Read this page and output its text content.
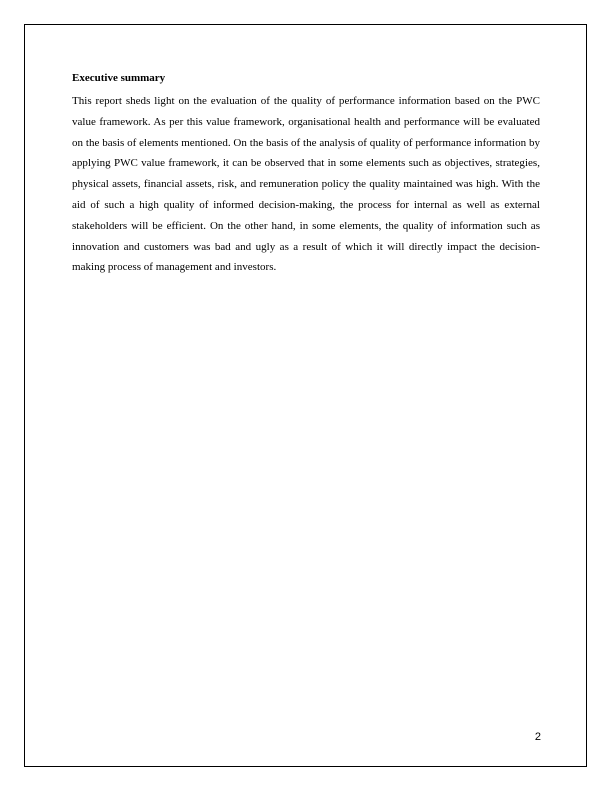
Executive summary

This report sheds light on the evaluation of the quality of performance information based on the PWC value framework. As per this value framework, organisational health and performance will be evaluated on the basis of elements mentioned. On the basis of the analysis of quality of performance information by applying PWC value framework, it can be observed that in some elements such as objectives, strategies, physical assets, financial assets, risk, and remuneration policy the quality maintained was high. With the aid of such a high quality of informed decision-making, the process for internal as well as external stakeholders will be efficient. On the other hand, in some elements, the quality of information such as innovation and customers was bad and ugly as a result of which it will directly impact the decision-making process of management and investors.

2
